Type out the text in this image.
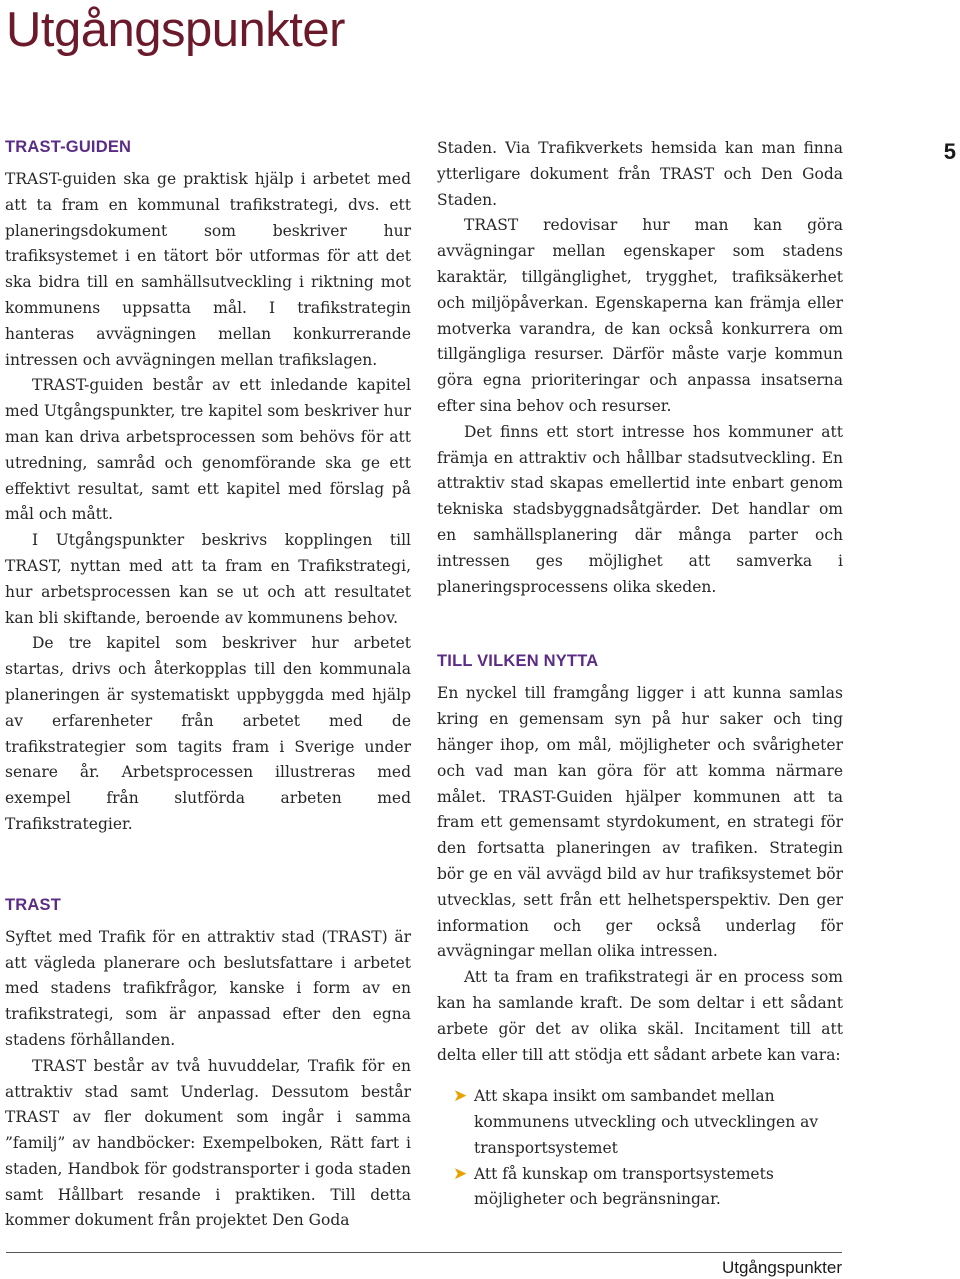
Utgångspunkter
TRAST-GUIDEN

TRAST-guiden ska ge praktisk hjälp i arbetet med att ta fram en kommunal trafikstrategi, dvs. ett planeringsdokument som beskriver hur trafiksystemet i en tätort bör utformas för att det ska bidra till en samhällsutveckling i riktning mot kommunens uppsatta mål. I trafikstrategin hanteras avvägningen mellan konkurrerande intressen och avvägningen mellan trafikslagen.

TRAST-guiden består av ett inledande kapitel med Utgångspunkter, tre kapitel som beskriver hur man kan driva arbetsprocessen som behövs för att utredning, samråd och genomförande ska ge ett effektivt resultat, samt ett kapitel med förslag på mål och mått.

I Utgångspunkter beskrivs kopplingen till TRAST, nyttan med att ta fram en Trafikstrategi, hur arbetsprocessen kan se ut och att resultatet kan bli skiftande, beroende av kommunens behov.

De tre kapitel som beskriver hur arbetet startas, drivs och återkopplas till den kommunala planeringen är systematiskt uppbyggda med hjälp av erfarenheter från arbetet med de trafikstrategier som tagits fram i Sverige under senare år. Arbetsprocessen illustreras med exempel från slutförda arbeten med Trafikstrategier.

TRAST

Syftet med Trafik för en attraktiv stad (TRAST) är att vägleda planerare och beslutsfattare i arbetet med stadens trafikfrågor, kanske i form av en trafikstrategi, som är anpassad efter den egna stadens förhållanden.

TRAST består av två huvuddelar, Trafik för en attraktiv stad samt Underlag. Dessutom består TRAST av fler dokument som ingår i samma ”familj” av handböcker: Exempelboken, Rätt fart i staden, Handbok för godstransporter i goda staden samt Hållbart resande i praktiken. Till detta kommer dokument från projektet Den Goda

Staden. Via Trafikverkets hemsida kan man finna ytterligare dokument från TRAST och Den Goda Staden.

TRAST redovisar hur man kan göra avvägningar mellan egenskaper som stadens karaktär, tillgänglighet, trygghet, trafiksäkerhet och miljöpåverkan. Egenskaperna kan främja eller motverka varandra, de kan också konkurrera om tillgängliga resurser. Därför måste varje kommun göra egna prioriteringar och anpassa insatserna efter sina behov och resurser.

Det finns ett stort intresse hos kommuner att främja en attraktiv och hållbar stadsutveckling. En attraktiv stad skapas emellertid inte enbart genom tekniska stadsbyggnadsåtgärder. Det handlar om en samhällsplanering där många parter och intressen ges möjlighet att samverka i planeringsprocessens olika skeden.

TILL VILKEN NYTTA

En nyckel till framgång ligger i att kunna samlas kring en gemensam syn på hur saker och ting hänger ihop, om mål, möjligheter och svårigheter och vad man kan göra för att komma närmare målet. TRAST-Guiden hjälper kommunen att ta fram ett gemensamt styrdokument, en strategi för den fortsatta planeringen av trafiken. Strategin bör ge en väl avvägd bild av hur trafiksystemet bör utvecklas, sett från ett helhetsperspektiv. Den ger information och ger också underlag för avvägningar mellan olika intressen.

Att ta fram en trafikstrategi är en process som kan ha samlande kraft. De som deltar i ett sådant arbete gör det av olika skäl. Incitament till att delta eller till att stödja ett sådant arbete kan vara:

➤ Att skapa insikt om sambandet mellan kommunens utveckling och utvecklingen av transportsystemet
➤ Att få kunskap om transportsystemets möjligheter och begränsningar.
5
Utgångspunkter
